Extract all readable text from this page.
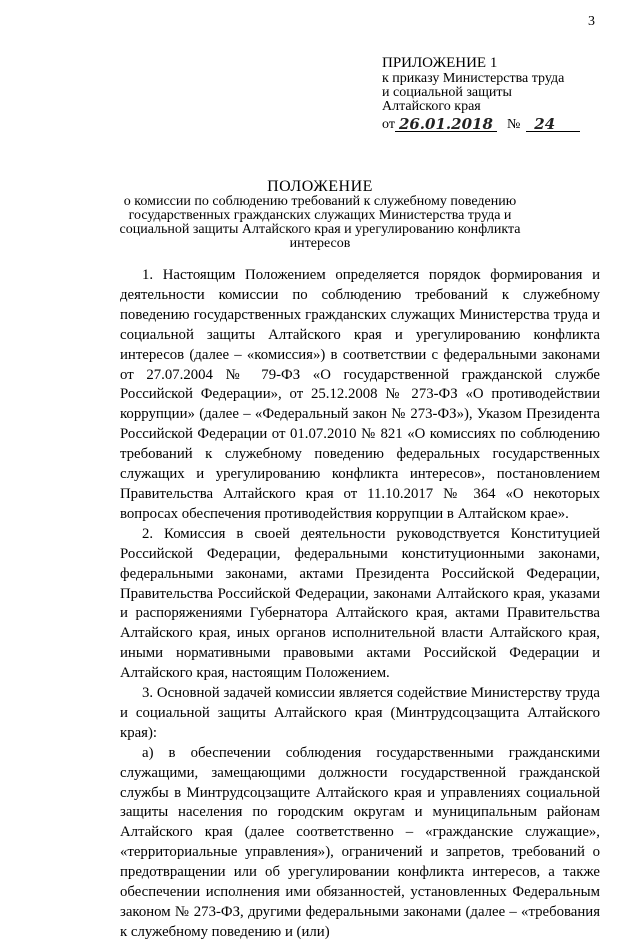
3
ПРИЛОЖЕНИЕ 1
к приказу Министерства труда
и социальной защиты
Алтайского края
от 26.01.2018 № 24
ПОЛОЖЕНИЕ
о комиссии по соблюдению требований к служебному поведению государственных гражданских служащих Министерства труда и социальной защиты Алтайского края и урегулированию конфликта интересов

1. Настоящим Положением определяется порядок формирования и деятельности комиссии по соблюдению требований к служебному поведению государственных гражданских служащих Министерства труда и социальной защиты Алтайского края и урегулированию конфликта интересов (далее – «комиссия») в соответствии с федеральными законами от 27.07.2004 № 79-ФЗ «О государственной гражданской службе Российской Федерации», от 25.12.2008 № 273-ФЗ «О противодействии коррупции» (далее – «Федеральный закон № 273-ФЗ»), Указом Президента Российской Федерации от 01.07.2010 № 821 «О комиссиях по соблюдению требований к служебному поведению федеральных государственных служащих и урегулированию конфликта интересов», постановлением Правительства Алтайского края от 11.10.2017 № 364 «О некоторых вопросах обеспечения противодействия коррупции в Алтайском крае».

2. Комиссия в своей деятельности руководствуется Конституцией Российской Федерации, федеральными конституционными законами, федеральными законами, актами Президента Российской Федерации, Правительства Российской Федерации, законами Алтайского края, указами и распоряжениями Губернатора Алтайского края, актами Правительства Алтайского края, иных органов исполнительной власти Алтайского края, иными нормативными правовыми актами Российской Федерации и Алтайского края, настоящим Положением.

3. Основной задачей комиссии является содействие Министерству труда и социальной защиты Алтайского края (Минтрудсоцзащита Алтайского края):

а) в обеспечении соблюдения государственными гражданскими служащими, замещающими должности государственной гражданской службы в Минтрудсоцзащите Алтайского края и управлениях социальной защиты населения по городским округам и муниципальным районам Алтайского края (далее соответственно – «гражданские служащие», «территориальные управления»), ограничений и запретов, требований о предотвращении или об урегулировании конфликта интересов, а также обеспечении исполнения ими обязанностей, установленных Федеральным законом № 273-ФЗ, другими федеральными законами (далее – «требования к служебному поведению и (или)
